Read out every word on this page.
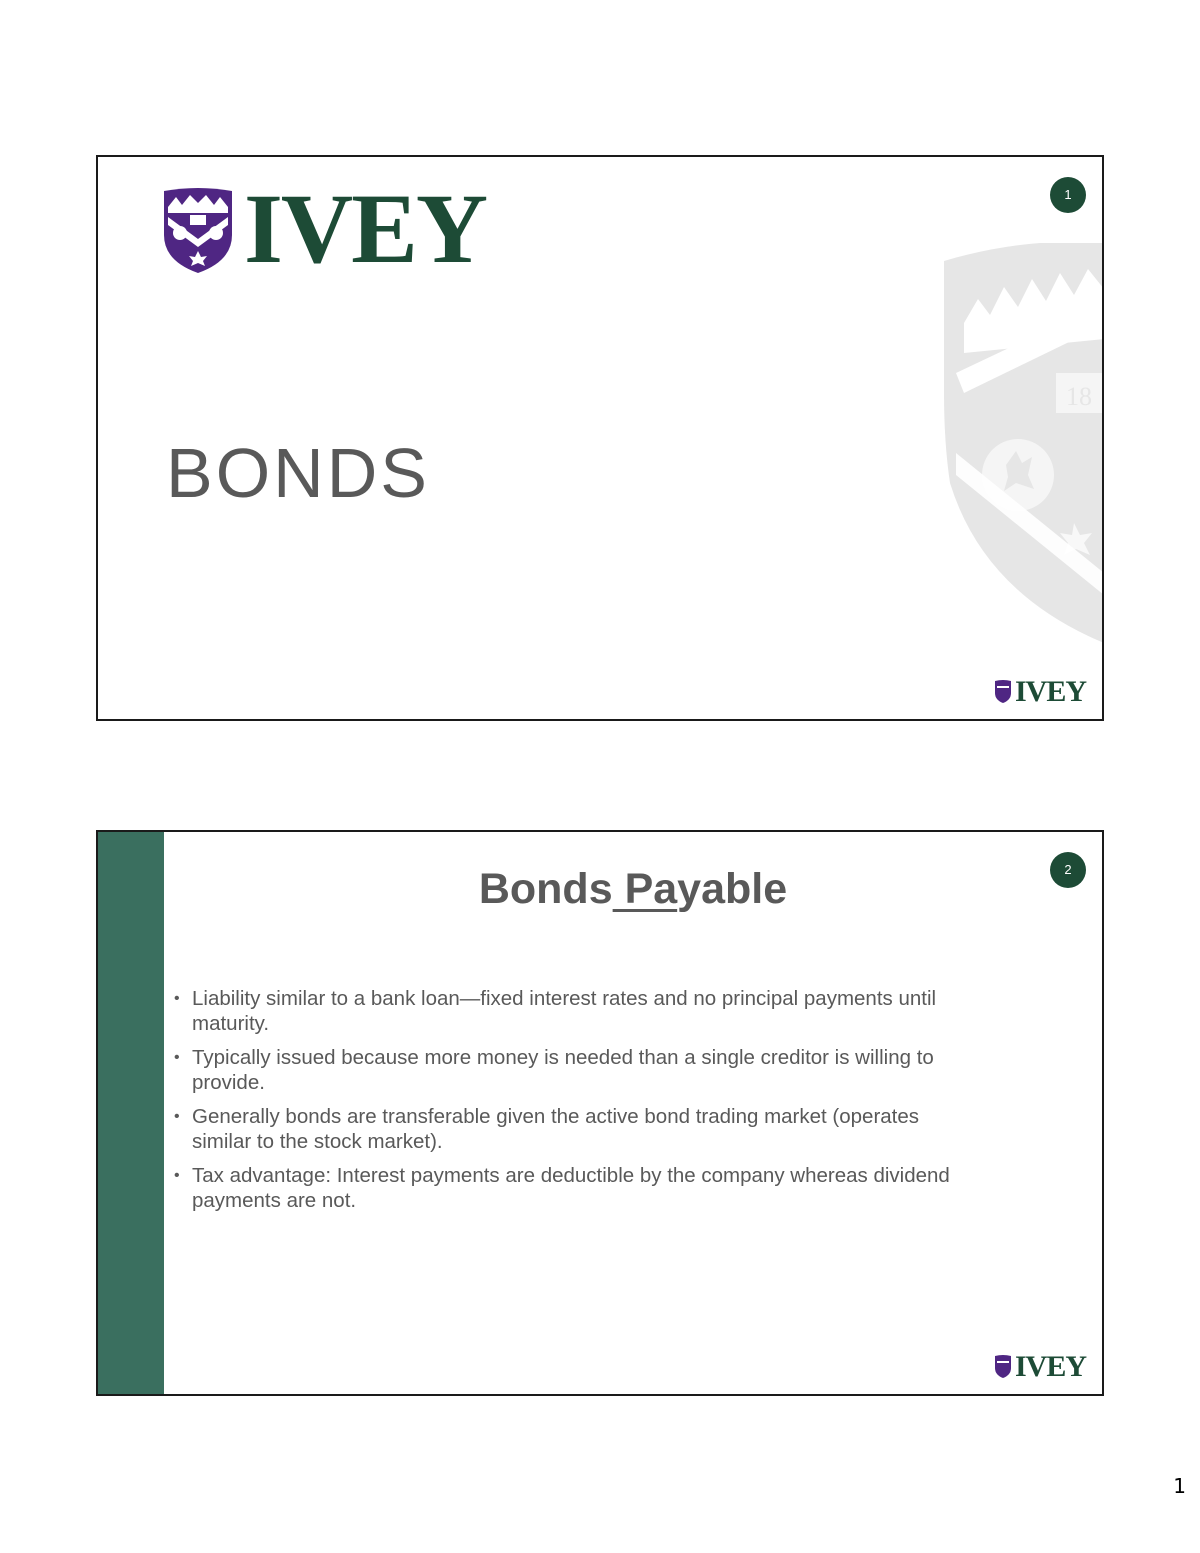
IVEY	1
18
BONDS
IVEY
Bonds Payable	2
• Liability similar to a bank loan—fixed interest rates and no principal payments until maturity.
• Typically issued because more money is needed than a single creditor is willing to provide.
• Generally bonds are transferable given the active bond trading market (operates similar to the stock market).
• Tax advantage: Interest payments are deductible by the company whereas dividend payments are not.
IVEY
1
